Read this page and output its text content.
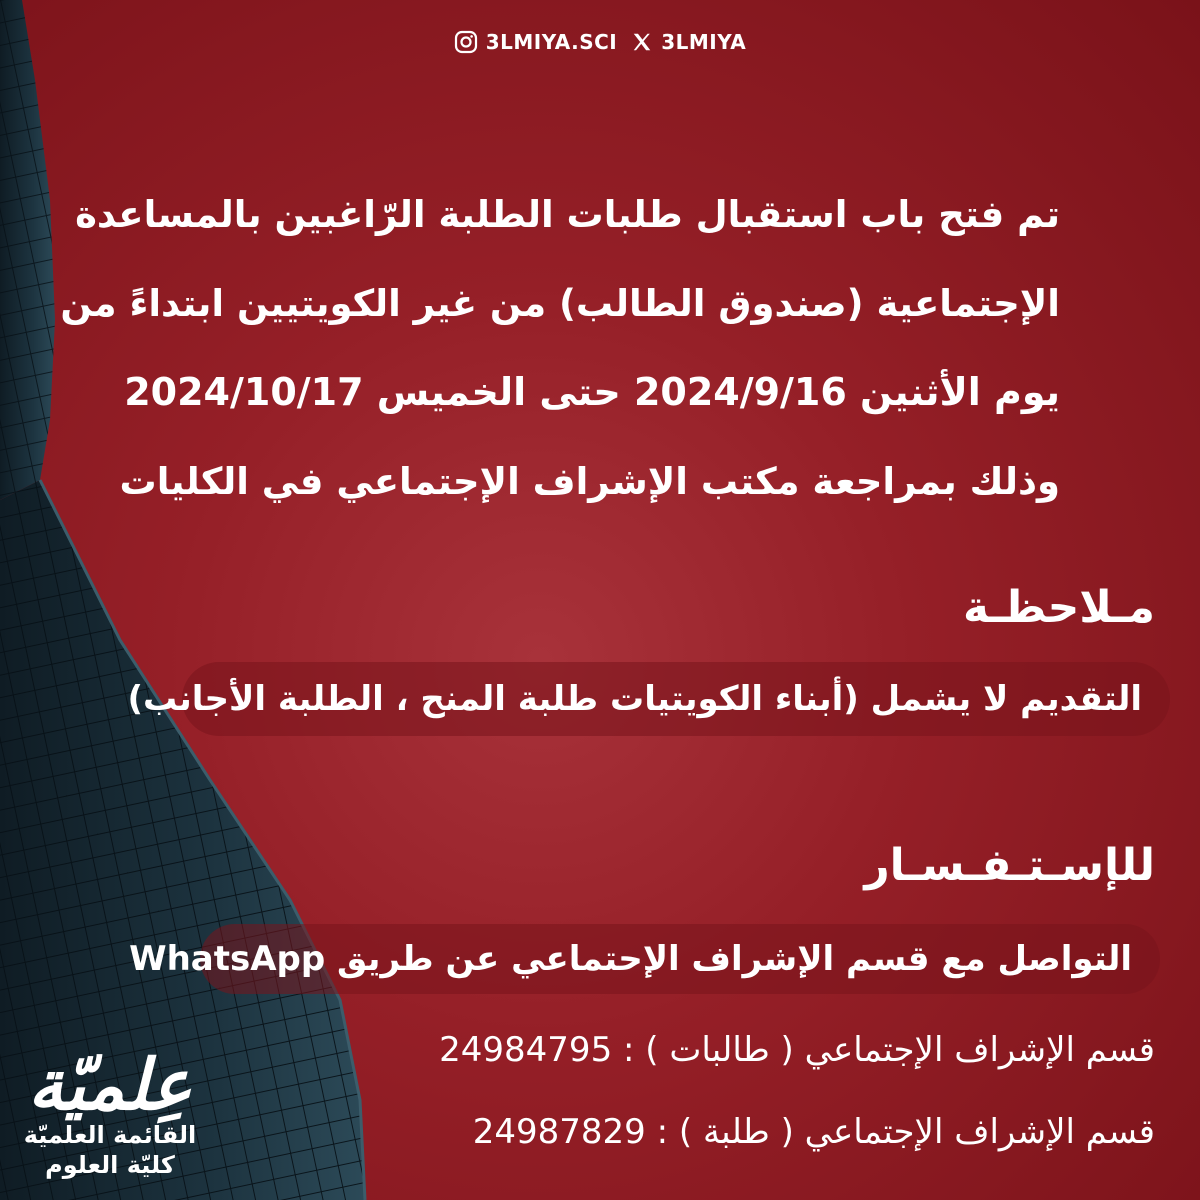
3LMIYA.SCI 3LMIYA
تم فتح باب استقبال طلبات الطلبة الرّاغبين بالمساعدة
الإجتماعية (صندوق الطالب) من غير الكويتيين ابتداءً من
يوم الأثنين 2024/9/16 حتى الخميس 2024/10/17
وذلك بمراجعة مكتب الإشراف الإجتماعي في الكليات
مـلاحظـة
التقديم لا يشمل (أبناء الكويتيات طلبة المنح ، الطلبة الأجانب)
للإسـتـفـسـار
التواصل مع قسم الإشراف الإحتماعي عن طريق WhatsApp
قسم الإشراف الإجتماعي ( طالبات ) : 24984795
قسم الإشراف الإجتماعي ( طلبة ) : 24987829
عِلميّة
القائمة العلميّة
كليّة العلوم
